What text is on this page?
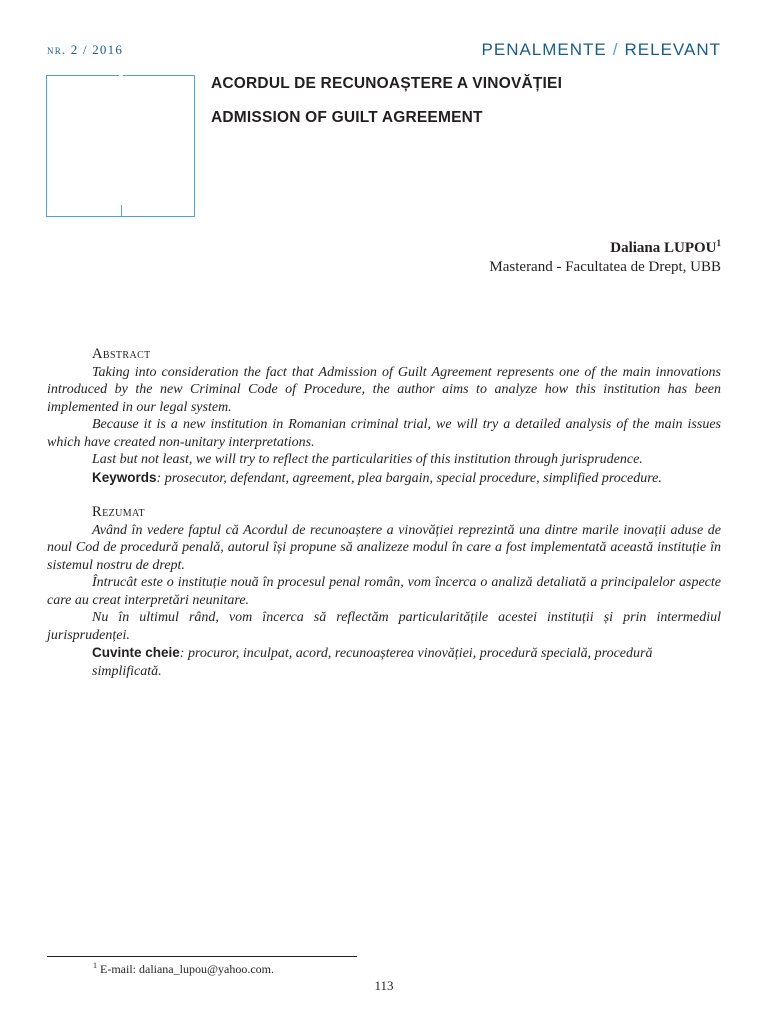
nr. 2 / 2016	PENALMENTE / RELEVANT
ACORDUL DE RECUNOAȘTERE A VINOVĂȚIEI
ADMISSION OF GUILT AGREEMENT
Daliana LUPOU$^1$
Masterand - Facultatea de Drept, UBB
Abstract

Taking into consideration the fact that Admission of Guilt Agreement represents one of the main innovations introduced by the new Criminal Code of Procedure, the author aims to analyze how this institution has been implemented in our legal system.

Because it is a new institution in Romanian criminal trial, we will try a detailed analysis of the main issues which have created non-unitary interpretations.

Last but not least, we will try to reflect the particularities of this institution through jurisprudence.

Keywords: prosecutor, defendant, agreement, plea bargain, special procedure, simplified procedure.
Rezumat

Având în vedere faptul că Acordul de recunoaștere a vinovăției reprezintă una dintre marile inovații aduse de noul Cod de procedură penală, autorul își propune să analizeze modul în care a fost implementată această instituție în sistemul nostru de drept.

Întrucât este o instituție nouă în procesul penal român, vom încerca o analiză detaliată a principalelor aspecte care au creat interpretări neunitare.

Nu în ultimul rând, vom încerca să reflectăm particularitățile acestei instituții și prin intermediul jurisprudenței.

Cuvinte cheie: procuror, inculpat, acord, recunoașterea vinovăției, procedură specială, procedură simplificată.
$^1$ E-mail: daliana_lupou@yahoo.com.
113
